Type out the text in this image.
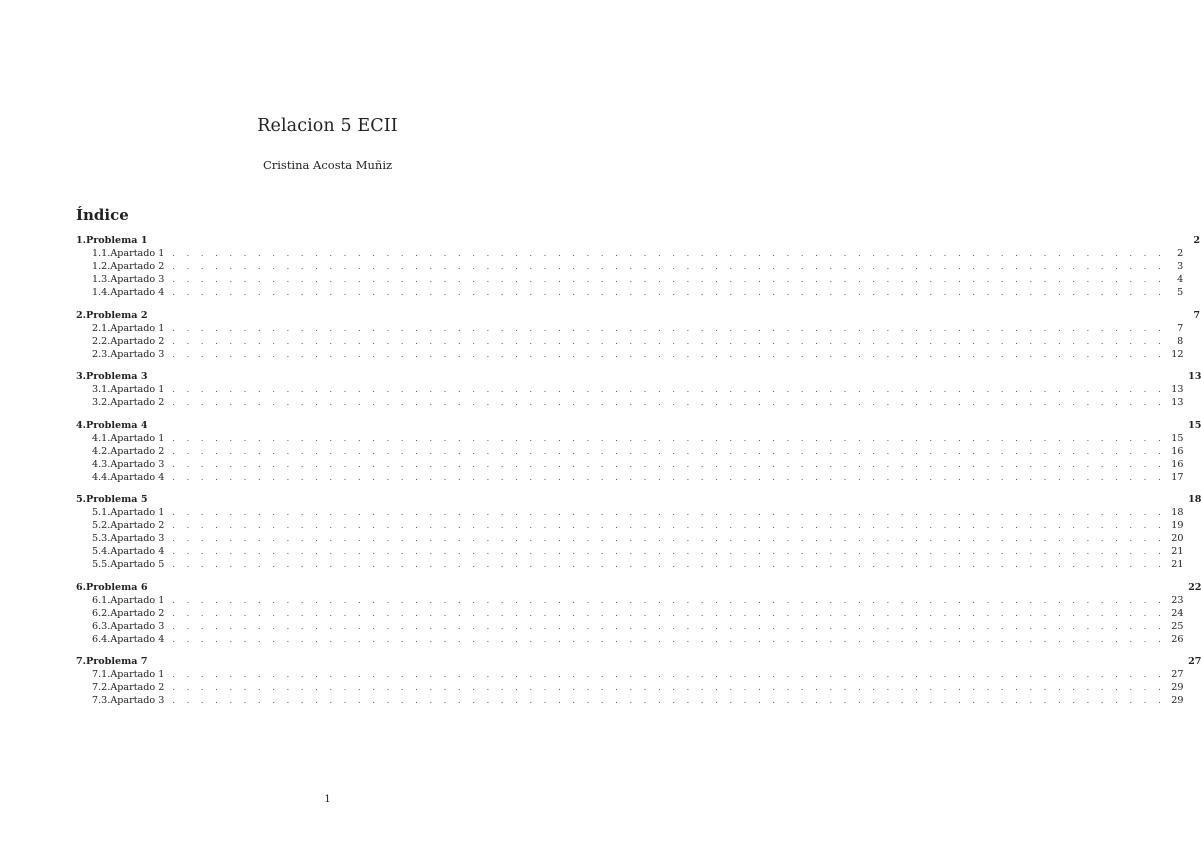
Relacion 5 ECII
Cristina Acosta Muñiz
Índice
1. Problema 1	2
1.1. Apartado 1 . . . . . . . . . . . . . . . . . . . . . . . . . . . . . . . . . . . . . . . . . . . . . . . . . . . . . . . . . . . . . . . . . . . . . .	2
1.2. Apartado 2 . . . . . . . . . . . . . . . . . . . . . . . . . . . . . . . . . . . . . . . . . . . . . . . . . . . . . . . . . . . . . . . . . . . . . .	3
1.3. Apartado 3 . . . . . . . . . . . . . . . . . . . . . . . . . . . . . . . . . . . . . . . . . . . . . . . . . . . . . . . . . . . . . . . . . . . . . .	4
1.4. Apartado 4 . . . . . . . . . . . . . . . . . . . . . . . . . . . . . . . . . . . . . . . . . . . . . . . . . . . . . . . . . . . . . . . . . . . . . .	5
2. Problema 2	7
2.1. Apartado 1 . . . . . . . . . . . . . . . . . . . . . . . . . . . . . . . . . . . . . . . . . . . . . . . . . . . . . . . . . . . . . . . . . . . . . .	7
2.2. Apartado 2 . . . . . . . . . . . . . . . . . . . . . . . . . . . . . . . . . . . . . . . . . . . . . . . . . . . . . . . . . . . . . . . . . . . . . .	8
2.3. Apartado 3 . . . . . . . . . . . . . . . . . . . . . . . . . . . . . . . . . . . . . . . . . . . . . . . . . . . . . . . . . . . . . . . . . . . . . . 12
3. Problema 3	13
3.1. Apartado 1 . . . . . . . . . . . . . . . . . . . . . . . . . . . . . . . . . . . . . . . . . . . . . . . . . . . . . . . . . . . . . . . . . . . . . . 13
3.2. Apartado 2 . . . . . . . . . . . . . . . . . . . . . . . . . . . . . . . . . . . . . . . . . . . . . . . . . . . . . . . . . . . . . . . . . . . . . . 13
4. Problema 4	15
4.1. Apartado 1 . . . . . . . . . . . . . . . . . . . . . . . . . . . . . . . . . . . . . . . . . . . . . . . . . . . . . . . . . . . . . . . . . . . . . . 15
4.2. Apartado 2 . . . . . . . . . . . . . . . . . . . . . . . . . . . . . . . . . . . . . . . . . . . . . . . . . . . . . . . . . . . . . . . . . . . . . . 16
4.3. Apartado 3 . . . . . . . . . . . . . . . . . . . . . . . . . . . . . . . . . . . . . . . . . . . . . . . . . . . . . . . . . . . . . . . . . . . . . . 16
4.4. Apartado 4 . . . . . . . . . . . . . . . . . . . . . . . . . . . . . . . . . . . . . . . . . . . . . . . . . . . . . . . . . . . . . . . . . . . . . . 17
5. Problema 5	18
5.1. Apartado 1 . . . . . . . . . . . . . . . . . . . . . . . . . . . . . . . . . . . . . . . . . . . . . . . . . . . . . . . . . . . . . . . . . . . . . . 18
5.2. Apartado 2 . . . . . . . . . . . . . . . . . . . . . . . . . . . . . . . . . . . . . . . . . . . . . . . . . . . . . . . . . . . . . . . . . . . . . . 19
5.3. Apartado 3 . . . . . . . . . . . . . . . . . . . . . . . . . . . . . . . . . . . . . . . . . . . . . . . . . . . . . . . . . . . . . . . . . . . . . . 20
5.4. Apartado 4 . . . . . . . . . . . . . . . . . . . . . . . . . . . . . . . . . . . . . . . . . . . . . . . . . . . . . . . . . . . . . . . . . . . . . . 21
5.5. Apartado 5 . . . . . . . . . . . . . . . . . . . . . . . . . . . . . . . . . . . . . . . . . . . . . . . . . . . . . . . . . . . . . . . . . . . . . . 21
6. Problema 6	22
6.1. Apartado 1 . . . . . . . . . . . . . . . . . . . . . . . . . . . . . . . . . . . . . . . . . . . . . . . . . . . . . . . . . . . . . . . . . . . . . . 23
6.2. Apartado 2 . . . . . . . . . . . . . . . . . . . . . . . . . . . . . . . . . . . . . . . . . . . . . . . . . . . . . . . . . . . . . . . . . . . . . . 24
6.3. Apartado 3 . . . . . . . . . . . . . . . . . . . . . . . . . . . . . . . . . . . . . . . . . . . . . . . . . . . . . . . . . . . . . . . . . . . . . . 25
6.4. Apartado 4 . . . . . . . . . . . . . . . . . . . . . . . . . . . . . . . . . . . . . . . . . . . . . . . . . . . . . . . . . . . . . . . . . . . . . . 26
7. Problema 7	27
7.1. Apartado 1 . . . . . . . . . . . . . . . . . . . . . . . . . . . . . . . . . . . . . . . . . . . . . . . . . . . . . . . . . . . . . . . . . . . . . . 27
7.2. Apartado 2 . . . . . . . . . . . . . . . . . . . . . . . . . . . . . . . . . . . . . . . . . . . . . . . . . . . . . . . . . . . . . . . . . . . . . . 29
7.3. Apartado 3 . . . . . . . . . . . . . . . . . . . . . . . . . . . . . . . . . . . . . . . . . . . . . . . . . . . . . . . . . . . . . . . . . . . . . . 29
1
